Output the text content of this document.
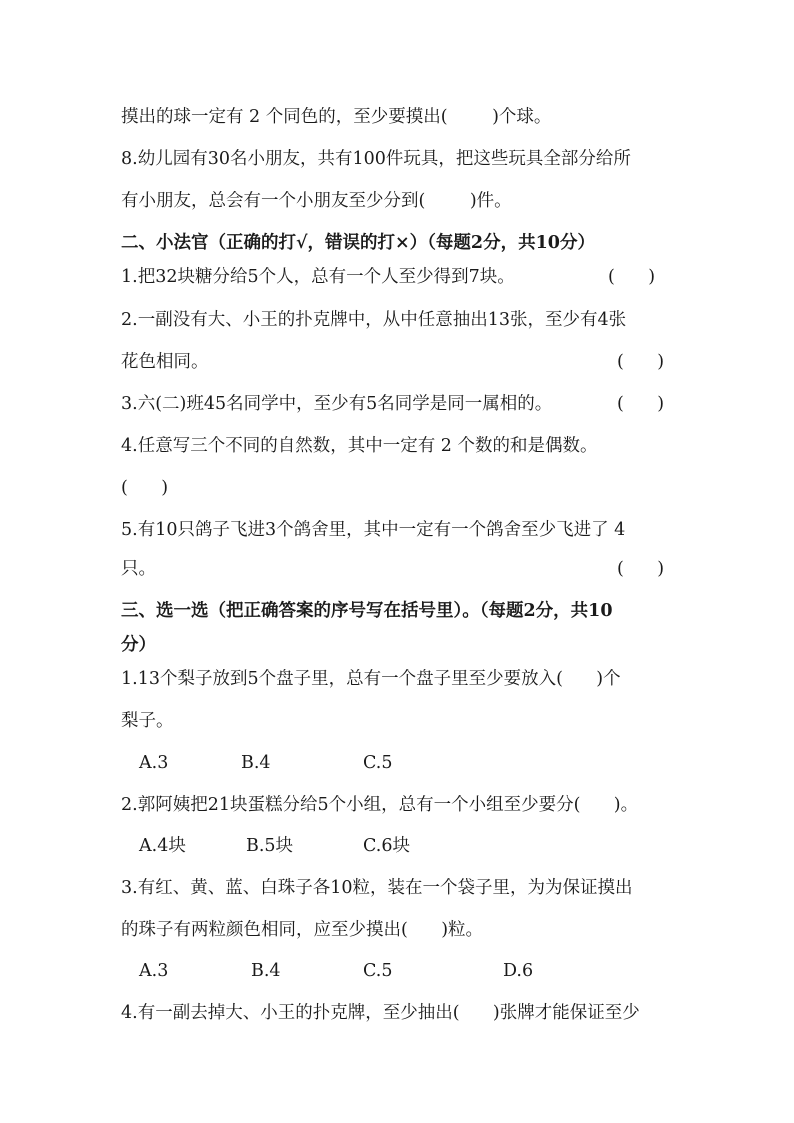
摸出的球一定有 2 个同色的，至少要摸出(        )个球。
8.幼儿园有30名小朋友，共有100件玩具，把这些玩具全部分给所
有小朋友，总会有一个小朋友至少分到(        )件。
二、小法官（正确的打√，错误的打×）（每题2分，共10分）
1.把32块糖分给5个人，总有一个人至少得到7块。	(      )
2.一副没有大、小王的扑克牌中，从中任意抽出13张，至少有4张
花色相同。	(      )
3.六(二)班45名同学中，至少有5名同学是同一属相的。	(      )
4.任意写三个不同的自然数，其中一定有 2 个数的和是偶数。
(      )
5.有10只鸽子飞进3个鸽舍里，其中一定有一个鸽舍至少飞进了 4
只。	(      )
三、选一选（把正确答案的序号写在括号里）。（每题2分，共10
分）
1.13个梨子放到5个盘子里，总有一个盘子里至少要放入(      )个
梨子。
A.3	B.4	C.5
2.郭阿姨把21块蛋糕分给5个小组，总有一个小组至少要分(      )。
A.4块	B.5块	C.6块
3.有红、黄、蓝、白珠子各10粒，装在一个袋子里，为为保证摸出
的珠子有两粒颜色相同，应至少摸出(      )粒。
A.3	B.4	C.5	D.6
4.有一副去掉大、小王的扑克牌，至少抽出(      )张牌才能保证至少
